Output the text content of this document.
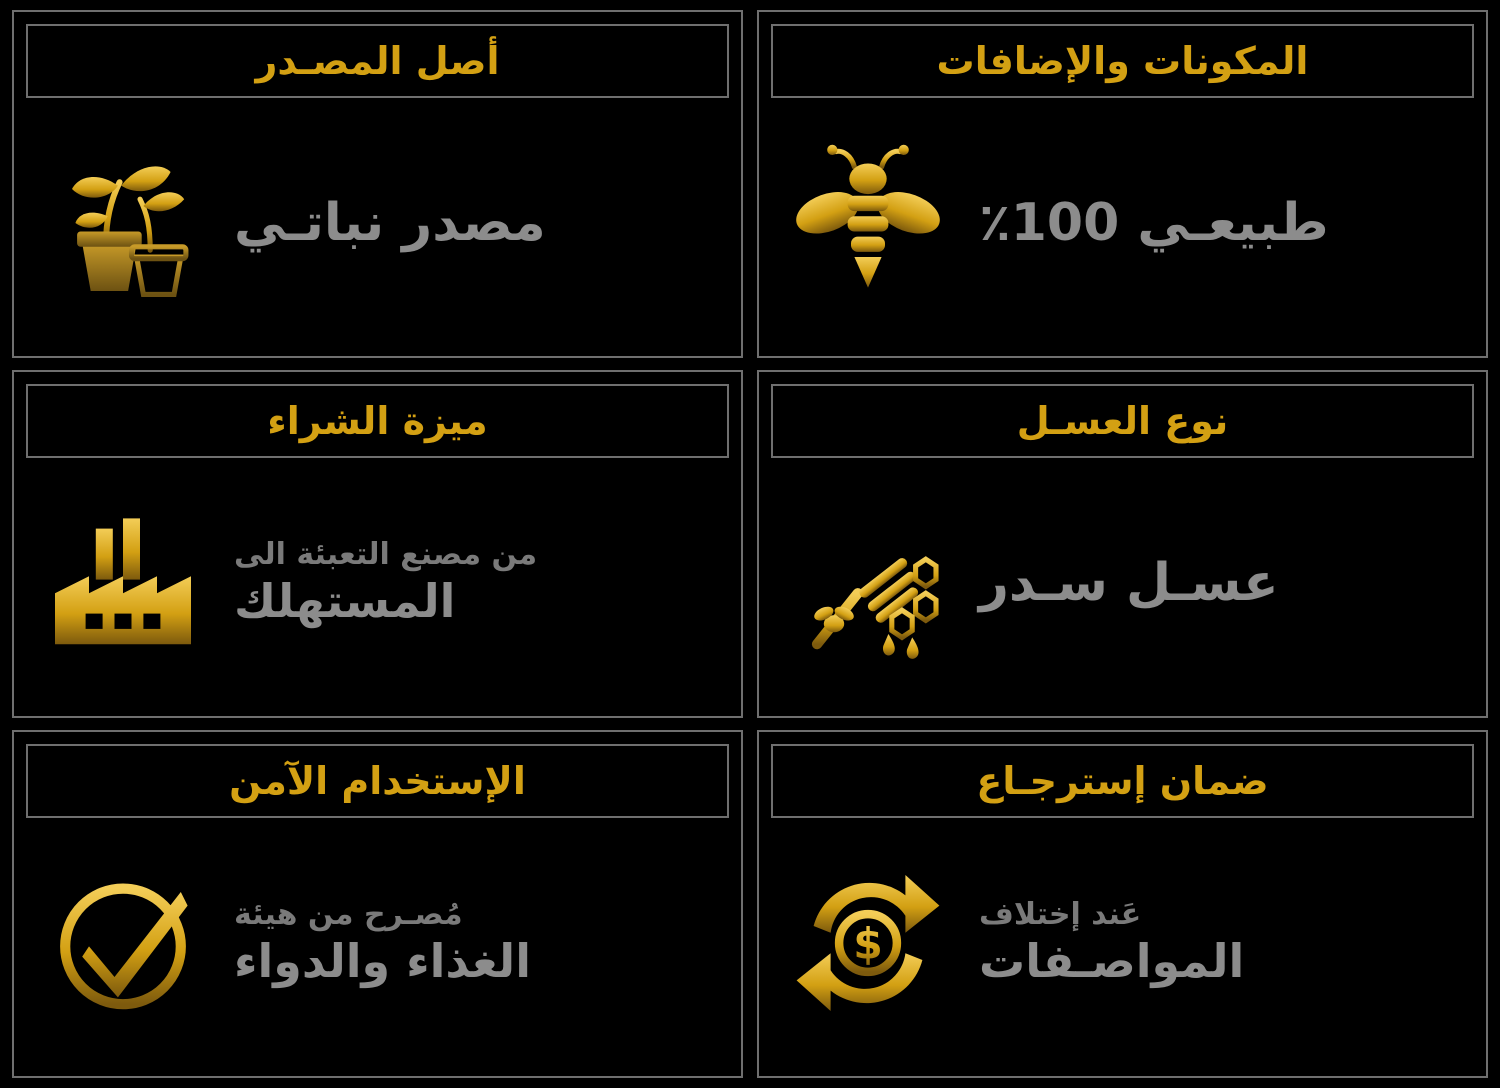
المكونات والإضافات
طبيعـي 100٪
أصل المصـدر
مصدر نباتـي
نوع العسـل
عسـل سـدر
ميزة الشراء
من مصنع التعبئة الى
المستهلك
ضمان إسترجـاع
عَند إختلاف
المواصـفات
$
الإستخدام الآمن
مُصـرح من هيئة
الغذاء والدواء
